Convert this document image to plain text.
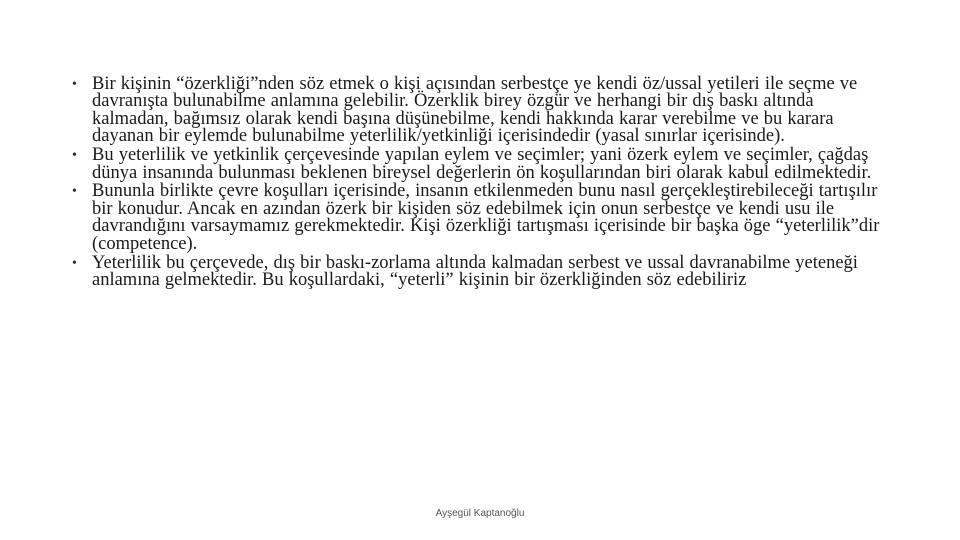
• Bir kişinin “özerkliği”nden söz etmek o kişi açısından serbestçe ye kendi öz/ussal yetileri ile seçme ve davranışta bulunabilme anlamına gelebilir. Özerklik birey özgür ve herhangi bir dış baskı altında kalmadan, bağımsız olarak kendi başına düşünebilme, kendi hakkında karar verebilme ve bu karara dayanan bir eylemde bulunabilme yeterlilik/yetkinliği içerisindedir (yasal sınırlar içerisinde).
• Bu yeterlilik ve yetkinlik çerçevesinde yapılan eylem ve seçimler; yani özerk eylem ve seçimler, çağdaş dünya insanında bulunması beklenen bireysel değerlerin ön koşullarından biri olarak kabul edilmektedir.
• Bununla birlikte çevre koşulları içerisinde, insanın etkilenmeden bunu nasıl gerçekleştirebileceği tartışılır bir konudur. Ancak en azından özerk bir kişiden söz edebilmek için onun serbestçe ve kendi usu ile davrandığını varsaymamız gerekmektedir. Kişi özerkliği tartışması içerisinde bir başka öge “yeterlilik”dir (competence).
• Yeterlilik bu çerçevede, dış bir baskı-zorlama altında kalmadan serbest ve ussal davranabilme yeteneği anlamına gelmektedir. Bu koşullardaki, “yeterli” kişinin bir özerkliğinden söz edebiliriz
Ayşegül Kaptanoğlu
